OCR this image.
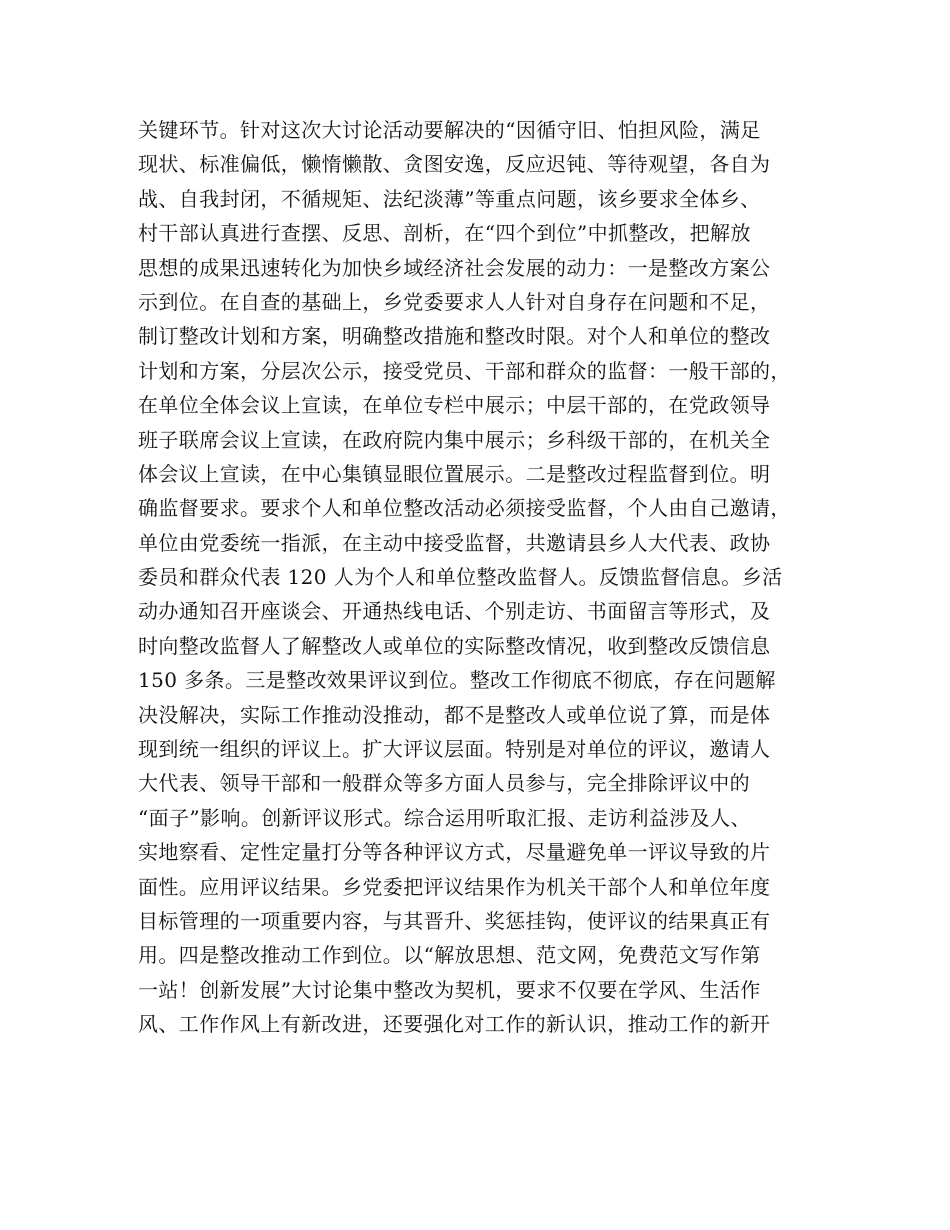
关键环节。针对这次大讨论活动要解决的“因循守旧、怕担风险，满足
现状、标准偏低，懒惰懒散、贪图安逸，反应迟钝、等待观望，各自为
战、自我封闭，不循规矩、法纪淡薄”等重点问题，该乡要求全体乡、
村干部认真进行查摆、反思、剖析，在“四个到位”中抓整改，把解放
思想的成果迅速转化为加快乡域经济社会发展的动力：一是整改方案公
示到位。在自查的基础上，乡党委要求人人针对自身存在问题和不足，
制订整改计划和方案，明确整改措施和整改时限。对个人和单位的整改
计划和方案，分层次公示，接受党员、干部和群众的监督：一般干部的，
在单位全体会议上宣读，在单位专栏中展示；中层干部的，在党政领导
班子联席会议上宣读，在政府院内集中展示；乡科级干部的，在机关全
体会议上宣读，在中心集镇显眼位置展示。二是整改过程监督到位。明
确监督要求。要求个人和单位整改活动必须接受监督，个人由自己邀请，
单位由党委统一指派，在主动中接受监督，共邀请县乡人大代表、政协
委员和群众代表 120 人为个人和单位整改监督人。反馈监督信息。乡活
动办通知召开座谈会、开通热线电话、个别走访、书面留言等形式，及
时向整改监督人了解整改人或单位的实际整改情况，收到整改反馈信息
150 多条。三是整改效果评议到位。整改工作彻底不彻底，存在问题解
决没解决，实际工作推动没推动，都不是整改人或单位说了算，而是体
现到统一组织的评议上。扩大评议层面。特别是对单位的评议，邀请人
大代表、领导干部和一般群众等多方面人员参与，完全排除评议中的
“面子”影响。创新评议形式。综合运用听取汇报、走访利益涉及人、
实地察看、定性定量打分等各种评议方式，尽量避免单一评议导致的片
面性。应用评议结果。乡党委把评议结果作为机关干部个人和单位年度
目标管理的一项重要内容，与其晋升、奖惩挂钩，使评议的结果真正有
用。四是整改推动工作到位。以“解放思想、范文网，免费范文写作第
一站！创新发展”大讨论集中整改为契机，要求不仅要在学风、生活作
风、工作作风上有新改进，还要强化对工作的新认识，推动工作的新开
